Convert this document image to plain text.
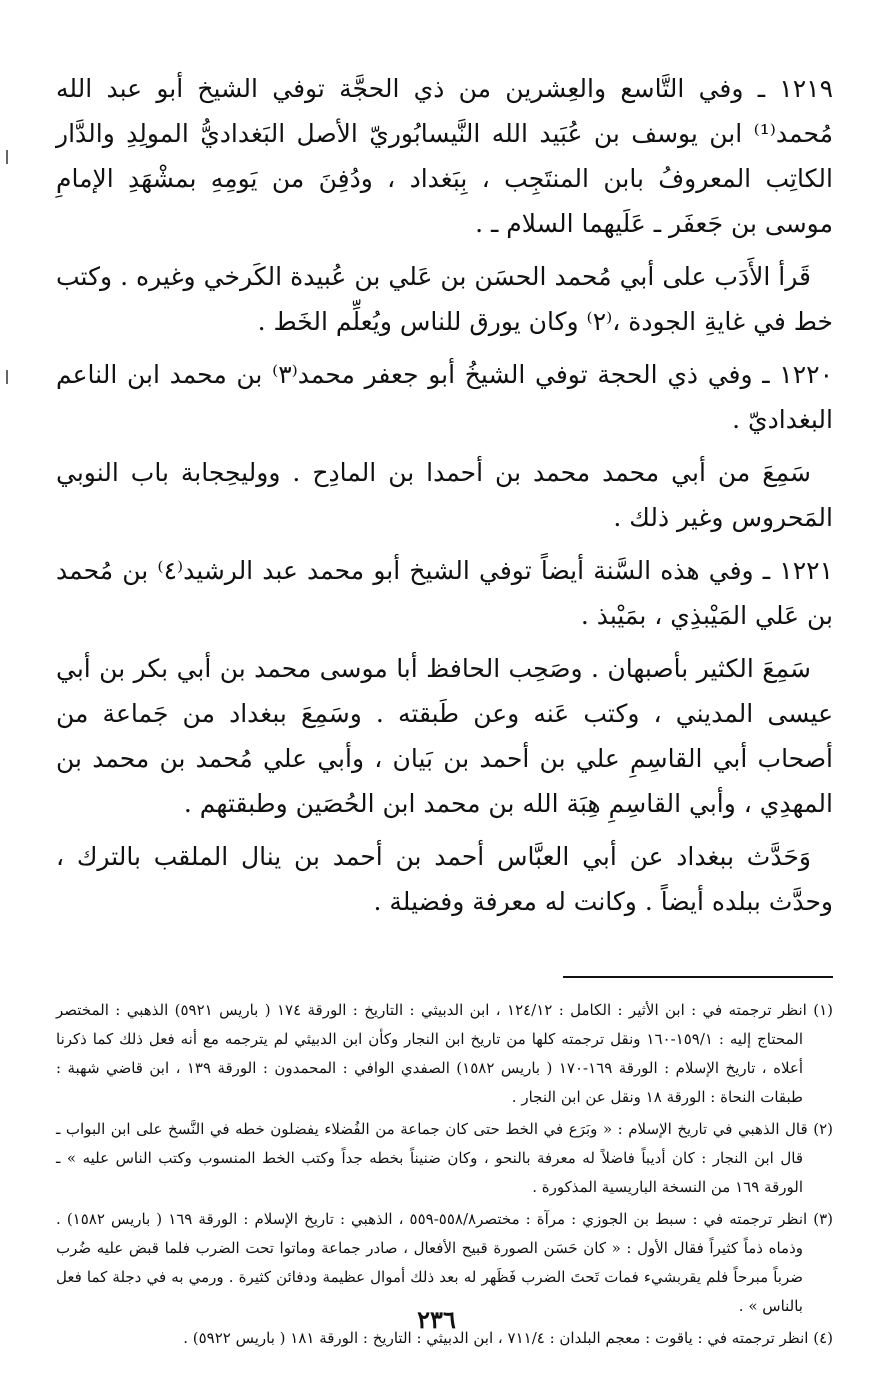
١٢١٩ ـ وفي التَّاسع والعِشرين من ذي الحجَّة توفي الشيخ أبو عبد الله مُحمد⁽¹⁾ ابن يوسف بن عُبَيد الله النَّيسابُوريّ الأصل البَغداديُّ المولِدِ والدَّار الكاتِب المعروفُ بابن المنتَجِب ، بِبَغداد ، ودُفِنَ من يَومِهِ بمشْهَدِ الإمامِ موسى بن جَعفَر ـ عَلَيهما السلام ـ .

قَرأ الأَدَب على أبي مُحمد الحسَن بن عَلي بن عُبيدة الكَرخي وغيره . وكتب خط في غايةِ الجودة ،⁽٢⁾ وكان يورق للناس ويُعلِّم الخَط .

١٢٢٠ ـ وفي ذي الحجة توفي الشيخُ أبو جعفر محمد⁽٣⁾ بن محمد ابن الناعم البغداديّ .

سَمِعَ من أبي محمد محمد بن أحمدا بن المادِح . ووليحِجابة باب النوبي المَحروس وغير ذلك .

١٢٢١ ـ وفي هذه السَّنة أيضاً توفي الشيخ أبو محمد عبد الرشيد⁽٤⁾ بن مُحمد بن عَلي المَيْبذِي ، بمَيْبذ .

سَمِعَ الكثير بأصبهان . وصَحِب الحافظ أبا موسى محمد بن أبي بكر بن أبي عيسى المديني ، وكتب عَنه وعن طَبقته . وسَمِعَ ببغداد من جَماعة من أصحاب أبي القاسِمِ علي بن أحمد بن بَيان ، وأبي علي مُحمد بن محمد بن المهدِي ، وأبي القاسِمِ هِبَة الله بن محمد ابن الحُصَين وطبقتهم .

وَحَدَّث ببغداد عن أبي العبَّاس أحمد بن أحمد بن ينال الملقب بالترك ، وحدَّث ببلده أيضاً . وكانت له معرفة وفضيلة .

(١) انظر ترجمته في : ابن الأثير : الكامل : ١٢٤/١٢ ، ابن الدبيثي : التاريخ : الورقة ١٧٤ ( باريس ٥٩٢١) الذهبي : المختصر المحتاج إليه : ١٥٩/١-١٦٠ ونقل ترجمته كلها من تاريخ ابن النجار وكأن ابن الدبيثي لم يترجمه مع أنه فعل ذلك كما ذكرنا أعلاه ، تاريخ الإسلام : الورقة ١٦٩-١٧٠ ( باريس ١٥٨٢) الصفدي الوافي : المحمدون : الورقة ١٣٩ ، ابن قاضي شهبة : طبقات النحاة : الورقة ١٨ ونقل عن ابن النجار .

(٢) قال الذهبي في تاريخ الإسلام : « وبَرَع في الخط حتى كان جماعة من الفُضلاء يفضلون خطه في النَّسخ على ابن البواب ـ قال ابن النجار : كان أديباً فاضلاً له معرفة بالنحو ، وكان ضنيناً بخطه جداً وكتب الخط المنسوب وكتب الناس عليه » ـ الورقة ١٦٩ من النسخة الباريسية المذكورة .

(٣) انظر ترجمته في : سبط بن الجوزي : مرآة : مختصر٥٥٨/٨-٥٥٩ ، الذهبي : تاريخ الإسلام : الورقة ١٦٩ ( باريس ١٥٨٢) . وذماه ذماً كثيراً فقال الأول : « كان حَسَن الصورة قبيح الأفعال ، صادر جماعة وماتوا تحت الضرب فلما قبض عليه ضُرب ضرباً مبرحاً فلم يقربشيء فمات تَحتَ الضرب فَظَهر له بعد ذلك أموال عظيمة ودفائن كثيرة . ورمي به في دجلة كما فعل بالناس » .

(٤) انظر ترجمته في : ياقوت : معجم البلدان : ٧١١/٤ ، ابن الدبيثي : التاريخ : الورقة ١٨١ ( باريس ٥٩٢٢) .

٢٣٦
